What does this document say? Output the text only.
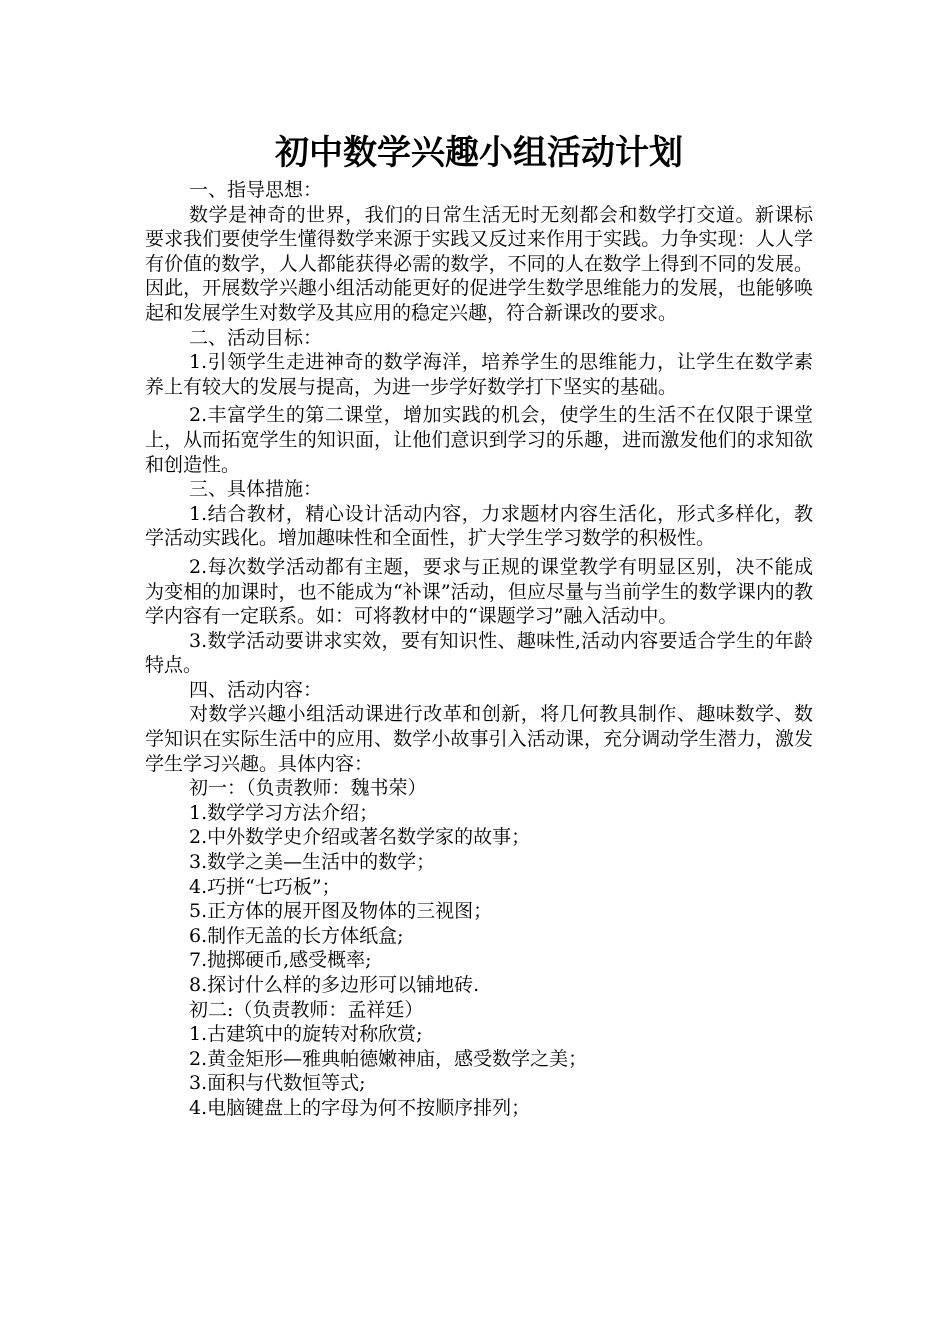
初中数学兴趣小组活动计划

一、指导思想：

数学是神奇的世界，我们的日常生活无时无刻都会和数学打交道。新课标要求我们要使学生懂得数学来源于实践又反过来作用于实践。力争实现：人人学有价值的数学，人人都能获得必需的数学，不同的人在数学上得到不同的发展。因此，开展数学兴趣小组活动能更好的促进学生数学思维能力的发展，也能够唤起和发展学生对数学及其应用的稳定兴趣，符合新课改的要求。

二、活动目标：

1.引领学生走进神奇的数学海洋，培养学生的思维能力，让学生在数学素养上有较大的发展与提高，为进一步学好数学打下坚实的基础。

2.丰富学生的第二课堂，增加实践的机会，使学生的生活不在仅限于课堂上，从而拓宽学生的知识面，让他们意识到学习的乐趣，进而激发他们的求知欲和创造性。

三、具体措施：

1.结合教材，精心设计活动内容，力求题材内容生活化，形式多样化，教学活动实践化。增加趣味性和全面性，扩大学生学习数学的积极性。

2.每次数学活动都有主题，要求与正规的课堂教学有明显区别，决不能成为变相的加课时，也不能成为“补课”活动，但应尽量与当前学生的数学课内的教学内容有一定联系。如：可将教材中的“课题学习”融入活动中。

3.数学活动要讲求实效，要有知识性、趣味性,活动内容要适合学生的年龄特点。

四、活动内容：

对数学兴趣小组活动课进行改革和创新，将几何教具制作、趣味数学、数学知识在实际生活中的应用、数学小故事引入活动课，充分调动学生潜力，激发学生学习兴趣。具体内容：

初一：（负责教师：魏书荣）

1.数学学习方法介绍；

2.中外数学史介绍或著名数学家的故事；

3.数学之美—生活中的数学；

4.巧拼“七巧板”；

5.正方体的展开图及物体的三视图；

6.制作无盖的长方体纸盒;

7.抛掷硬币,感受概率;

8.探讨什么样的多边形可以铺地砖.

初二:（负责教师：孟祥廷）

1.古建筑中的旋转对称欣赏;

2.黄金矩形—雅典帕德嫩神庙，感受数学之美；

3.面积与代数恒等式;

4.电脑键盘上的字母为何不按顺序排列；
